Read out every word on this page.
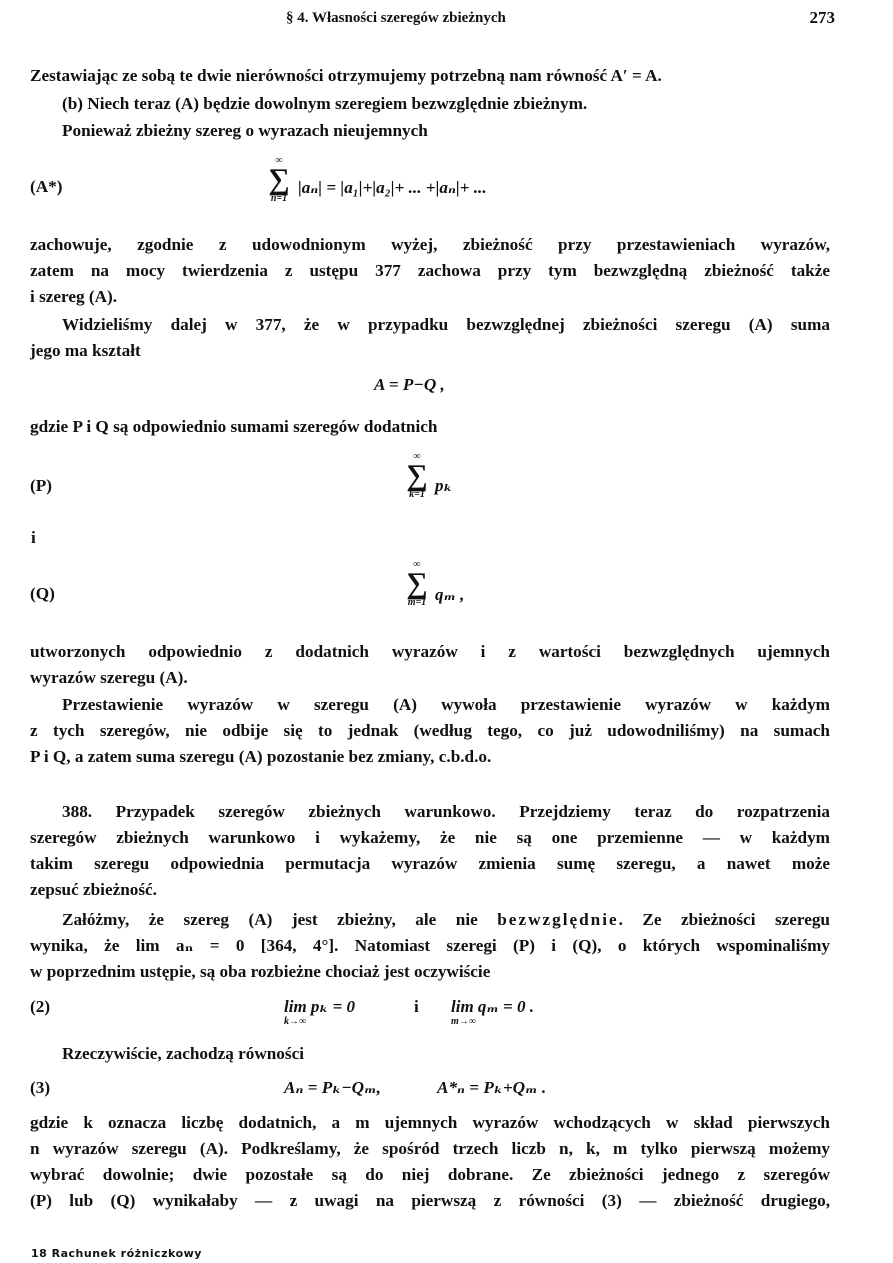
§ 4. Własności szeregów zbieżnych	273
Zestawiając ze sobą te dwie nierówności otrzymujemy potrzebną nam równość A′ = A.
(b) Niech teraz (A) będzie dowolnym szeregiem bezwzględnie zbieżnym.
Ponieważ zbieżny szereg o wyrazach nieujemnych
(A*)
∞
∑
n=1
|aₙ| = |a₁|+|a₂|+ ... +|aₙ|+ ...
zachowuje, zgodnie z udowodnionym wyżej, zbieżność przy przestawieniach wyrazów,
zatem na mocy twierdzenia z ustępu 377 zachowa przy tym bezwzględną zbieżność także
i szereg (A).
Widzieliśmy dalej w 377, że w przypadku bezwzględnej zbieżności szeregu (A) suma
jego ma kształt
A = P−Q ,
gdzie P i Q są odpowiednio sumami szeregów dodatnich
(P)
∞
∑
k=1 pₖ
i
(Q)
∞
∑
m=1 qₘ ,
utworzonych odpowiednio z dodatnich wyrazów i z wartości bezwzględnych ujemnych
wyrazów szeregu (A).
Przestawienie wyrazów w szeregu (A) wywoła przestawienie wyrazów w każdym
z tych szeregów, nie odbije się to jednak (według tego, co już udowodniliśmy) na sumach
P i Q, a zatem suma szeregu (A) pozostanie bez zmiany, c.b.d.o.
388. Przypadek szeregów zbieżnych warunkowo. Przejdziemy teraz do rozpatrzenia
szeregów zbieżnych warunkowo i wykażemy, że nie są one przemienne — w każdym
takim szeregu odpowiednia permutacja wyrazów zmienia sumę szeregu, a nawet może
zepsuć zbieżność.
Załóżmy, że szereg (A) jest zbieżny, ale nie bezwzględnie. Ze zbieżności szeregu
wynika, że lim aₙ = 0 [364, 4°]. Natomiast szeregi (P) i (Q), o których wspominaliśmy
w poprzednim ustępie, są oba rozbieżne chociaż jest oczywiście
(2)	lim pₖ = 0
k→∞
i lim qₘ = 0 .
m→∞
Rzeczywiście, zachodzą równości
(3)	Aₙ = Pₖ−Qₘ,	A*ₙ = Pₖ+Qₘ .
gdzie k oznacza liczbę dodatnich, a m ujemnych wyrazów wchodzących w skład pierwszych
n wyrazów szeregu (A). Podkreślamy, że spośród trzech liczb n, k, m tylko pierwszą możemy
wybrać dowolnie; dwie pozostałe są do niej dobrane. Ze zbieżności jednego z szeregów
(P) lub (Q) wynikałaby — z uwagi na pierwszą z równości (3) — zbieżność drugiego,
18 Rachunek różniczkowy
